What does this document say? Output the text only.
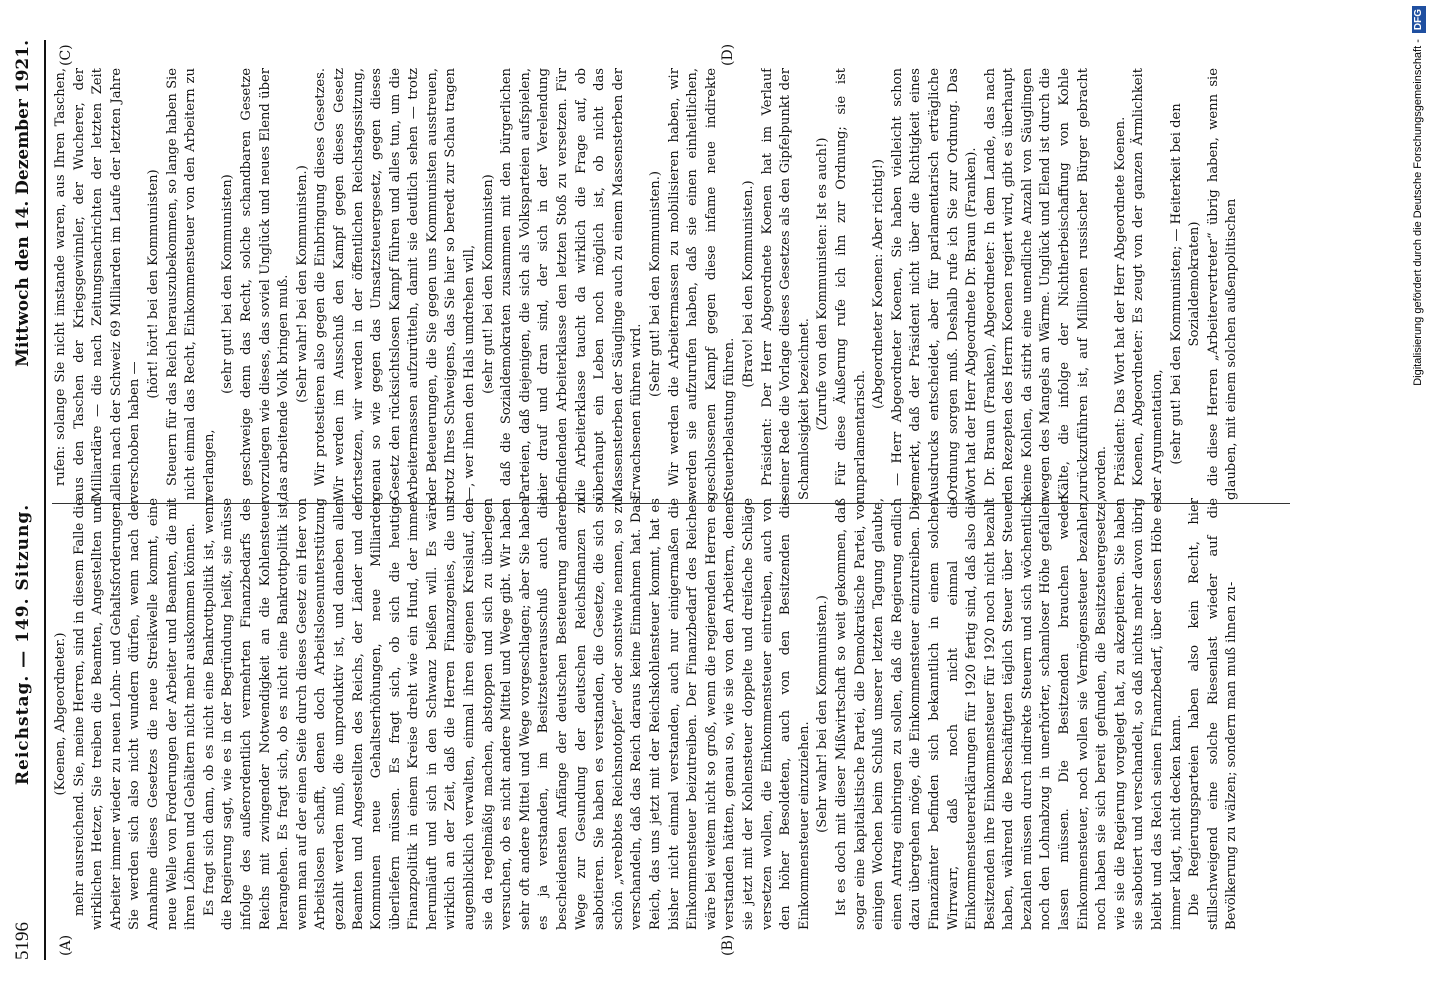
5196
Reichstag. — 149. Sitzung.
Mittwoch den 14. Dezember 1921.
(A)	(B)
(C)	(D)

(Koenen, Abgeordneter.) mehr ausreichend. Sie, meine Herren, sind in diesem Falle die wirklichen Hetzer, Sie treiben die Beamten, Angestellten und Arbeiter immer wieder zu neuen Lohn- und Gehaltsforderungen. Sie werden sich also nicht wundern dürfen, wenn nach der Annahme dieses Gesetzes die neue Streikwelle kommt, eine neue Welle von Forderungen der Arbeiter und Beamten, die mit ihren Löhnen und Gehältern nicht mehr auskommen können. Es fragt sich dann, ob es nicht eine Bankrottpolitik ist, wenn die Regierung sagt, wie es in der Begründung heißt, sie müsse infolge des außerordentlich vermehrten Finanzbedarfs des Reichs mit zwingender Notwendigkeit an die Kohlensteuer herangehen. Es fragt sich, ob es nicht eine Bankrottpolitik ist, wenn man auf der einen Seite durch dieses Gesetz ein Heer von Arbeitslosen schafft, denen doch Arbeitslosenunterstützung gezahlt werden muß, die unproduktiv ist, und daneben allen Beamten und Angestellten des Reichs, der Länder und der Kommunen neue Gehaltserhöhungen, neue Milliarden überliefern müssen. Es fragt sich, ob sich die heutige Finanzpolitik in einem Kreise dreht wie ein Hund, der immer herumläuft und sich in den Schwanz beißen will. Es wäre wirklich an der Zeit, daß die Herren Finanzgenies, die uns augenblicklich verwalten, einmal ihren eigenen Kreislauf, den sie da regelmäßig machen, abstoppen und sich zu überlegen versuchen, ob es nicht andere Mittel und Wege gibt. Wir haben sehr oft andere Mittel und Wege vorgeschlagen; aber Sie haben es ja verstanden, im Besitzsteuerausschuß auch die bescheidensten Anfänge der deutschen Besteuerung anderer Wege zur Gesundung der deutschen Reichsfinanzen zu sabotieren. Sie haben es verstanden, die Gesetze, die sich so schön „verebbtes Reichsnotopfer“ oder sonstwie nennen, so zu verschandeln, daß das Reich daraus keine Einnahmen hat. Das Reich, das uns jetzt mit der Reichskohlensteuer kommt, hat es bisher nicht einmal verstanden, auch nur einigermaßen die Einkommensteuer beizutreiben. Der Finanzbedarf des Reiches wäre bei weitem nicht so groß, wenn die regierenden Herren es verstanden hätten, genau so, wie sie von den Arbeitern, denen sie jetzt mit der Kohlensteuer doppelte und dreifache Schläge versetzen wollen, die Einkommensteuer eintreiben, auch von den höher Besoldeten, auch von den Besitzenden die Einkommensteuer einzuziehen. (Sehr wahr! bei den Kommunisten.) Ist es doch mit dieser Mißwirtschaft so weit gekommen, daß sogar eine kapitalistische Partei, die Demokratische Partei, vor einigen Wochen beim Schluß unserer letzten Tagung glaubte, einen Antrag einbringen zu sollen, daß die Regierung endlich dazu übergehen möge, die Einkommensteuer einzutreiben. Die Finanzämter befinden sich bekanntlich in einem solchen Wirrwarr, daß noch nicht einmal die Einkommensteuererklärungen für 1920 fertig sind, daß also die Besitzenden ihre Einkommensteuer für 1920 noch nicht bezahlt haben, während die Beschäftigten täglich Steuer über Steuer bezahlen müssen durch indirekte Steuern und sich wöchentlich noch den Lohnabzug in unerhörter, schamloser Höhe gefallen lassen müssen. Die Besitzenden brauchen weder Einkommensteuer, noch wollen sie Vermögenssteuer bezahlen, noch haben sie sich bereit gefunden, die Besitzsteuergesetze, wie sie die Regierung vorgelegt hat, zu akzeptieren. Sie haben sie sabotiert und verschandelt, so daß nichts mehr davon übrig bleibt und das Reich seinen Finanzbedarf, über dessen Höhe es immer klagt, nicht decken kann. Die Regierungsparteien haben also kein Recht, hier stillschweigend eine solche Riesenlast wieder auf die Bevölkerung zu wälzen; sondern man muß ihnen zu-

rufen: solange Sie nicht imstande waren, aus Ihren Taschen, aus den Taschen der Kriegsgewinnler, der Wucherer, der Milliardäre — die nach Zeitungsnachrichten der letzten Zeit allein nach der Schweiz 69 Milliarden im Laufe der letzten Jahre verschoben haben —

(hört! hört! bei den Kommunisten) Steuern für das Reich herauszubekommen, so lange haben Sie nicht einmal das Recht, Einkommensteuer von den Arbeitern zu verlangen,

(sehr gut! bei den Kommunisten) geschweige denn das Recht, solche schandbaren Gesetze vorzulegen wie dieses, das soviel Unglück und neues Elend über das arbeitende Volk bringen muß. (Sehr wahr! bei den Kommunisten.) Wir protestieren also gegen die Einbringung dieses Gesetzes. Wir werden im Ausschuß den Kampf gegen dieses Gesetz fortsetzen, wir werden in der öffentlichen Reichstagssitzung, genau so wie gegen das Umsatzsteuergesetz, gegen dieses Gesetz den rücksichtslosen Kampf führen und alles tun, um die Arbeitermassen aufzurütteln, damit sie deutlich sehen — trotz der Beteuerungen, die Sie gegen uns Kommunisten ausstreuen, trotz Ihres Schweigens, das Sie hier so beredt zur Schau tragen —, wer ihnen den Hals umdrehen will, (sehr gut! bei den Kommunisten) daß die Sozialdemokraten zusammen mit den bürgerlichen Parteien, daß diejenigen, die sich als Volksparteien aufspielen, hier drauf und dran sind, der sich in der Verelendung befindenden Arbeiterklasse den letzten Stoß zu versetzen. Für die Arbeiterklasse taucht da wirklich die Frage auf, ob überhaupt ein Leben noch möglich ist, ob nicht das Massensterben der Säuglinge auch zu einem Massensterben der Erwachsenen führen wird.

(Sehr gut! bei den Kommunisten.) Wir werden die Arbeitermassen zu mobilisieren haben, wir werden sie aufzurufen haben, daß sie einen einheitlichen, geschlossenen Kampf gegen diese infame neue indirekte Steuerbelastung führen.

(Bravo! bei den Kommunisten.) Präsident: Der Herr Abgeordnete Koenen hat im Verlauf seiner Rede die Vorlage dieses Gesetzes als den Gipfelpunkt der Schamlosigkeit bezeichnet. (Zurufe von den Kommunisten: Ist es auch!) Für diese Äußerung rufe ich ihn zur Ordnung; sie ist unparlamentarisch.

(Abgeordneter Koenen: Aber richtig!) — Herr Abgeordneter Koenen, Sie haben vielleicht schon gemerkt, daß der Präsident nicht über die Richtigkeit eines Ausdrucks entscheidet, aber für parlamentarisch erträgliche Ordnung sorgen muß. Deshalb rufe ich Sie zur Ordnung. Das Wort hat der Herr Abgeordnete Dr. Braun (Franken). Dr. Braun (Franken), Abgeordneter: In dem Lande, das nach den Rezepten des Herrn Koenen regiert wird, gibt es überhaupt keine Kohlen, da stirbt eine unendliche Anzahl von Säuglingen wegen des Mangels an Wärme. Unglück und Elend ist durch die Kälte, die infolge der Nichtherbeischaffung von Kohle zurückzuführen ist, auf Millionen russischer Bürger gebracht worden. Präsident: Das Wort hat der Herr Abgeordnete Koenen. Koenen, Abgeordneter: Es zeugt von der ganzen Ärmlichkeit der Argumentation, (sehr gut! bei den Kommunisten; — Heiterkeit bei den Sozialdemokraten) die diese Herren „Arbeitervertreter“ übrig haben, wenn sie glauben, mit einem solchen außenpolitischen	Digitalisierung gefördert durch die Deutsche Forschungsgemeinschaft -DFG
